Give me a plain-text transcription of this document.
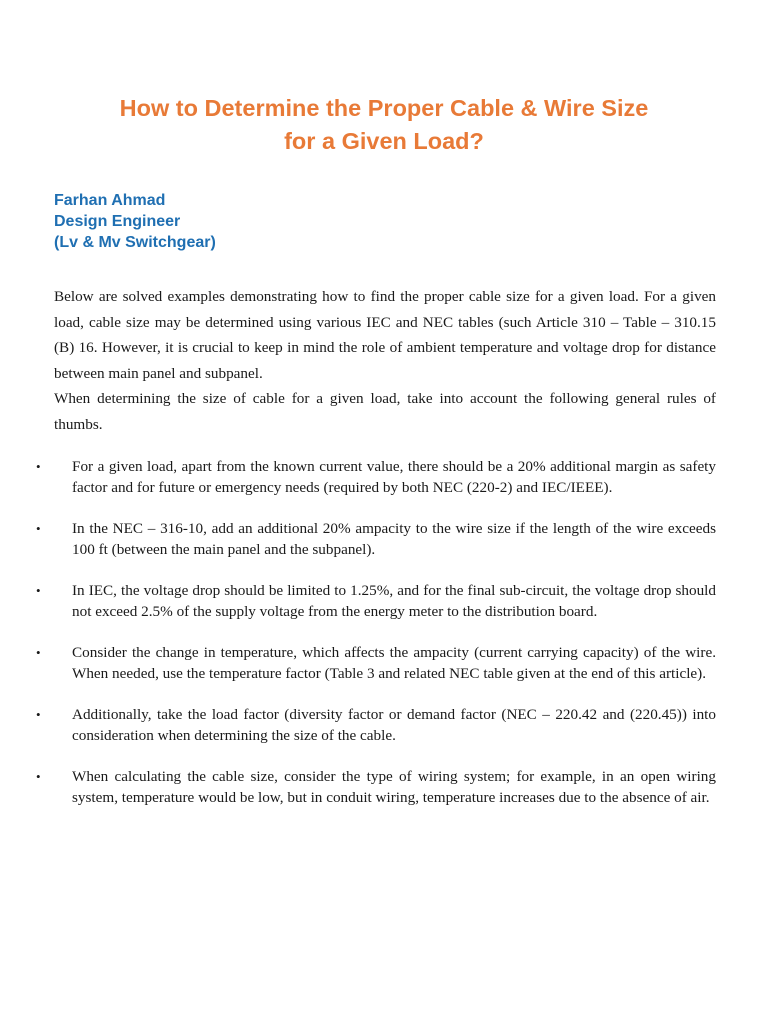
How to Determine the Proper Cable & Wire Size
for a Given Load?
Farhan Ahmad
Design Engineer
(Lv & Mv Switchgear)

Below are solved examples demonstrating how to find the proper cable size for a given load. For a given load, cable size may be determined using various IEC and NEC tables (such Article 310 – Table – 310.15 (B) 16. However, it is crucial to keep in mind the role of ambient temperature and voltage drop for distance between main panel and subpanel.

When determining the size of cable for a given load, take into account the following general rules of thumbs.

•	For a given load, apart from the known current value, there should be a 20% additional margin as safety factor and for future or emergency needs (required by both NEC (220-2) and IEC/IEEE).
•	In the NEC – 316-10, add an additional 20% ampacity to the wire size if the length of the wire exceeds 100 ft (between the main panel and the subpanel).
•	In IEC, the voltage drop should be limited to 1.25%, and for the final sub-circuit, the voltage drop should not exceed 2.5% of the supply voltage from the energy meter to the distribution board.
•	Consider the change in temperature, which affects the ampacity (current carrying capacity) of the wire. When needed, use the temperature factor (Table 3 and related NEC table given at the end of this article).
•	Additionally, take the load factor (diversity factor or demand factor (NEC – 220.42 and (220.45)) into consideration when determining the size of the cable.
•	When calculating the cable size, consider the type of wiring system; for example, in an open wiring system, temperature would be low, but in conduit wiring, temperature increases due to the absence of air.
